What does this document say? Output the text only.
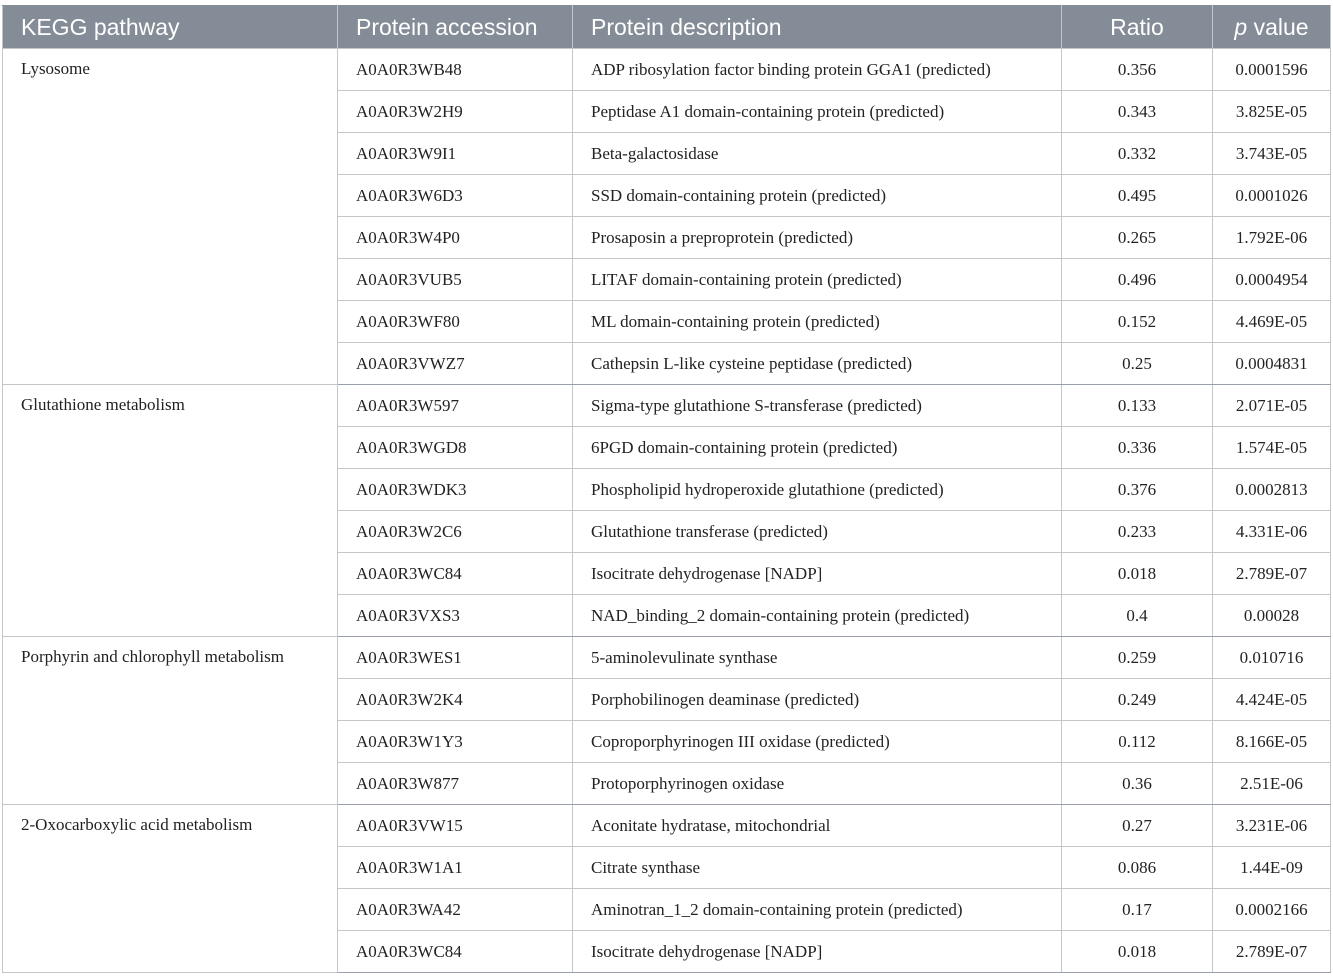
KEGG pathway	Protein accession	Protein description	Ratio	p value
Lysosome	A0A0R3WB48	ADP ribosylation factor binding protein GGA1 (predicted)	0.356	0.0001596
	A0A0R3W2H9	Peptidase A1 domain-containing protein (predicted)	0.343	3.825E-05
	A0A0R3W9I1	Beta-galactosidase	0.332	3.743E-05
	A0A0R3W6D3	SSD domain-containing protein (predicted)	0.495	0.0001026
	A0A0R3W4P0	Prosaposin a preproprotein (predicted)	0.265	1.792E-06
	A0A0R3VUB5	LITAF domain-containing protein (predicted)	0.496	0.0004954
	A0A0R3WF80	ML domain-containing protein (predicted)	0.152	4.469E-05
	A0A0R3VWZ7	Cathepsin L-like cysteine peptidase (predicted)	0.25	0.0004831
Glutathione metabolism	A0A0R3W597	Sigma-type glutathione S-transferase (predicted)	0.133	2.071E-05
	A0A0R3WGD8	6PGD domain-containing protein (predicted)	0.336	1.574E-05
	A0A0R3WDK3	Phospholipid hydroperoxide glutathione (predicted)	0.376	0.0002813
	A0A0R3W2C6	Glutathione transferase (predicted)	0.233	4.331E-06
	A0A0R3WC84	Isocitrate dehydrogenase [NADP]	0.018	2.789E-07
	A0A0R3VXS3	NAD_binding_2 domain-containing protein (predicted)	0.4	0.00028
Porphyrin and chlorophyll metabolism	A0A0R3WES1	5-aminolevulinate synthase	0.259	0.010716
	A0A0R3W2K4	Porphobilinogen deaminase (predicted)	0.249	4.424E-05
	A0A0R3W1Y3	Coproporphyrinogen III oxidase (predicted)	0.112	8.166E-05
	A0A0R3W877	Protoporphyrinogen oxidase	0.36	2.51E-06
2-Oxocarboxylic acid metabolism	A0A0R3VW15	Aconitate hydratase, mitochondrial	0.27	3.231E-06
	A0A0R3W1A1	Citrate synthase	0.086	1.44E-09
	A0A0R3WA42	Aminotran_1_2 domain-containing protein (predicted)	0.17	0.0002166
	A0A0R3WC84	Isocitrate dehydrogenase [NADP]	0.018	2.789E-07
